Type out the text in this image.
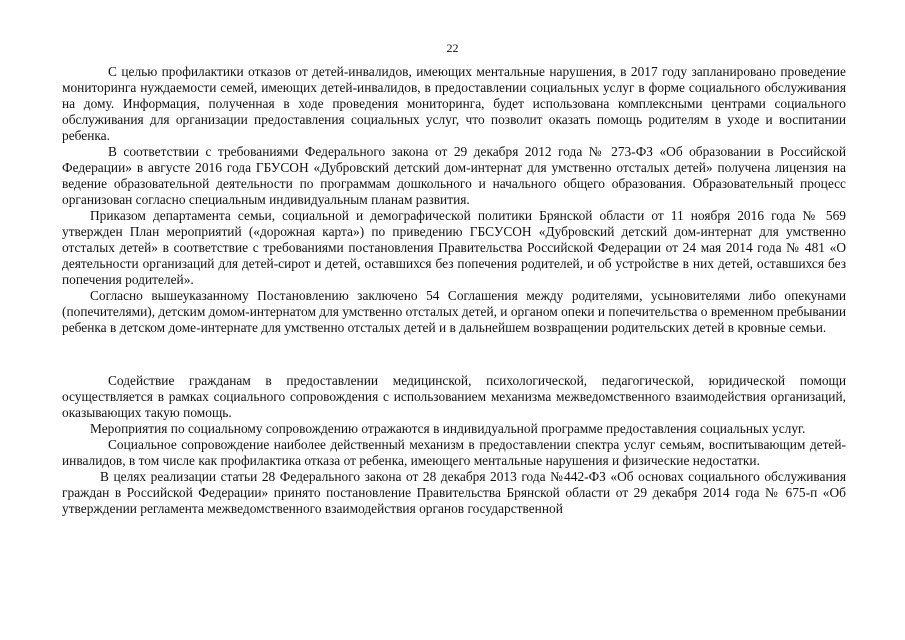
22

С целью профилактики отказов от детей-инвалидов, имеющих ментальные нарушения, в 2017 году запланировано проведение мониторинга нуждаемости семей, имеющих детей-инвалидов, в предоставлении социальных услуг в форме социального обслуживания на дому. Информация, полученная в ходе проведения мониторинга, будет использована комплексными центрами социального обслуживания для организации предоставления социальных услуг, что позволит оказать помощь родителям в уходе и воспитании ребенка.

В соответствии с требованиями Федерального закона от 29 декабря 2012 года № 273-ФЗ «Об образовании в Российской Федерации» в августе 2016 года ГБУСОН «Дубровский детский дом-интернат для умственно отсталых детей» получена лицензия на ведение образовательной деятельности по программам дошкольного и начального общего образования. Образовательный процесс организован согласно специальным индивидуальным планам развития.

Приказом департамента семьи, социальной и демографической политики Брянской области от 11 ноября 2016 года № 569 утвержден План мероприятий («дорожная карта») по приведению ГБСУСОН «Дубровский детский дом-интернат для умственно отсталых детей» в соответствие с требованиями постановления Правительства Российской Федерации от 24 мая 2014 года № 481 «О деятельности организаций для детей-сирот и детей, оставшихся без попечения родителей, и об устройстве в них детей, оставшихся без попечения родителей».

Согласно вышеуказанному Постановлению заключено 54 Соглашения между родителями, усыновителями либо опекунами (попечителями), детским домом-интернатом для умственно отсталых детей, и органом опеки и попечительства о временном пребывании ребенка в детском доме-интернате для умственно отсталых детей и в дальнейшем возвращении родительских детей в кровные семьи.

Содействие гражданам в предоставлении медицинской, психологической, педагогической, юридической помощи осуществляется в рамках социального сопровождения с использованием механизма межведомственного взаимодействия организаций, оказывающих такую помощь.

Мероприятия по социальному сопровождению отражаются в индивидуальной программе предоставления социальных услуг.

Социальное сопровождение наиболее действенный механизм в предоставлении спектра услуг семьям, воспитывающим детей-инвалидов, в том числе как профилактика отказа от ребенка, имеющего ментальные нарушения и физические недостатки.

В целях реализации статьи 28 Федерального закона от 28 декабря 2013 года №442-ФЗ «Об основах социального обслуживания граждан в Российской Федерации» принято постановление Правительства Брянской области от 29 декабря 2014 года № 675-п «Об утверждении регламента межведомственного взаимодействия органов государственной
